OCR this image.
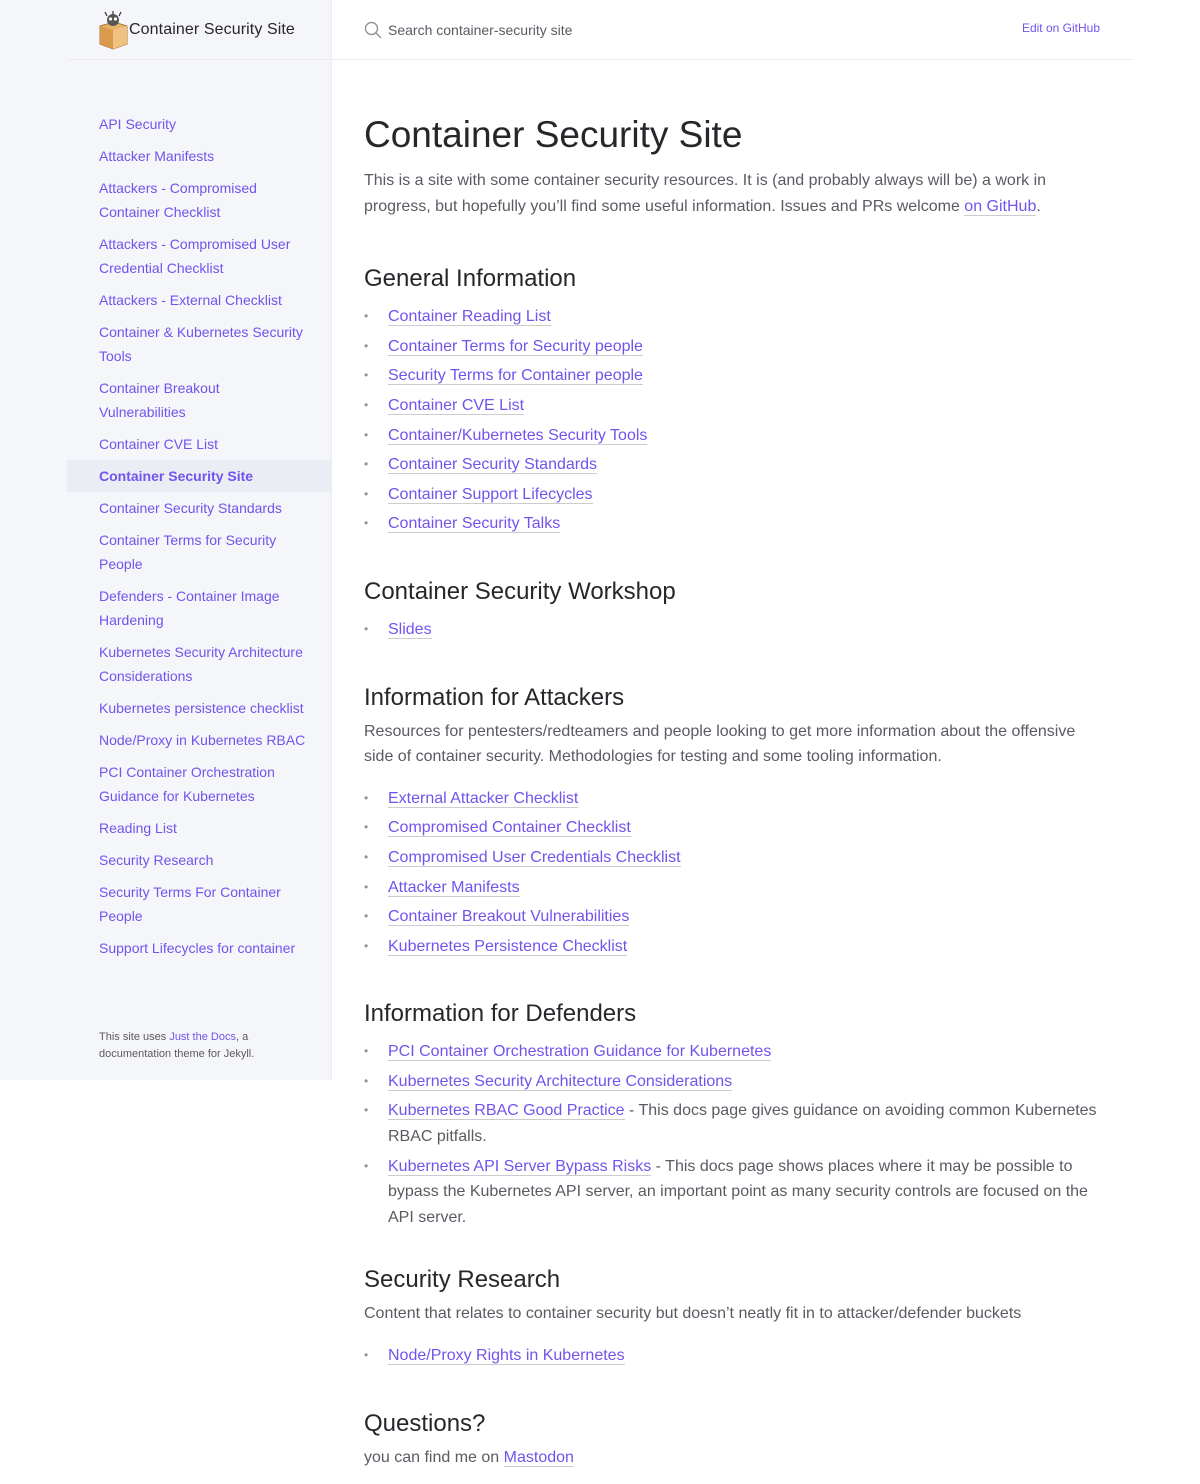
Container Security Site
Search container-security site	Edit on GitHub
API Security
Attacker Manifests
Attackers - Compromised Container Checklist
Attackers - Compromised User Credential Checklist
Attackers - External Checklist
Container & Kubernetes Security Tools
Container Breakout Vulnerabilities
Container CVE List
Container Security Site
Container Security Standards
Container Terms for Security People
Defenders - Container Image Hardening
Kubernetes Security Architecture Considerations
Kubernetes persistence checklist
Node/Proxy in Kubernetes RBAC
PCI Container Orchestration Guidance for Kubernetes
Reading List
Security Research
Security Terms For Container People
Support Lifecycles for container
This site uses Just the Docs, a documentation theme for Jekyll.
Container Security Site

This is a site with some container security resources. It is (and probably always will be) a work in progress, but hopefully you’ll find some useful information. Issues and PRs welcome on GitHub.

General Information
• Container Reading List
• Container Terms for Security people
• Security Terms for Container people
• Container CVE List
• Container/Kubernetes Security Tools
• Container Security Standards
• Container Support Lifecycles
• Container Security Talks
Container Security Workshop
• Slides
Information for Attackers

Resources for pentesters/redteamers and people looking to get more information about the offensive side of container security. Methodologies for testing and some tooling information.

• External Attacker Checklist
• Compromised Container Checklist
• Compromised User Credentials Checklist
• Attacker Manifests
• Container Breakout Vulnerabilities
• Kubernetes Persistence Checklist
Information for Defenders
• PCI Container Orchestration Guidance for Kubernetes
• Kubernetes Security Architecture Considerations
• Kubernetes RBAC Good Practice - This docs page gives guidance on avoiding common Kubernetes RBAC pitfalls.
• Kubernetes API Server Bypass Risks - This docs page shows places where it may be possible to bypass the Kubernetes API server, an important point as many security controls are focused on the API server.
Security Research

Content that relates to container security but doesn’t neatly fit in to attacker/defender buckets

• Node/Proxy Rights in Kubernetes
Questions?

you can find me on Mastodon
